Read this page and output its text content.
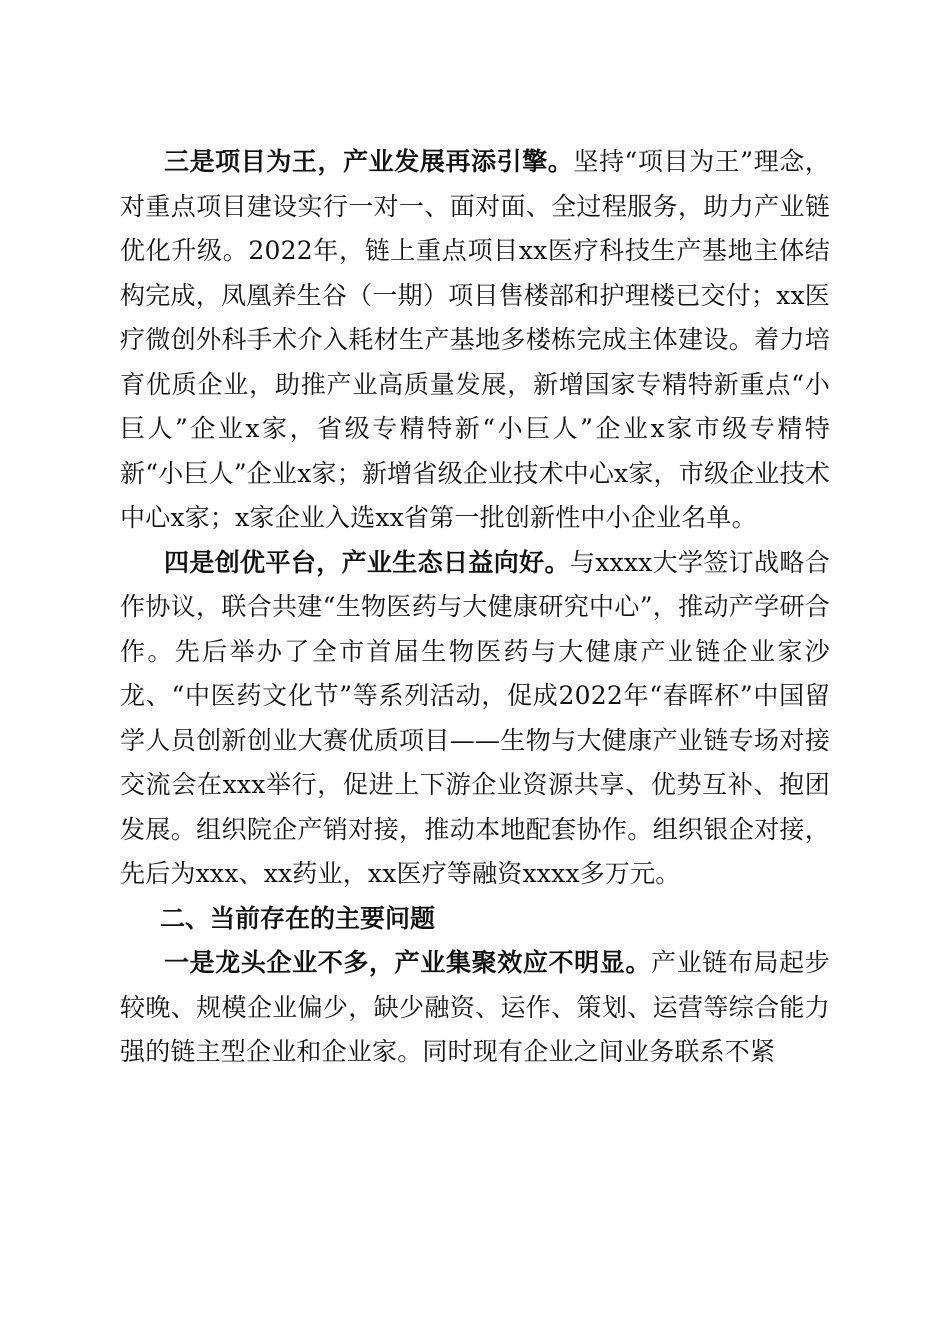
三是项目为王，产业发展再添引擎。坚持“项目为王”理念，对重点项目建设实行一对一、面对面、全过程服务，助力产业链优化升级。2022年，链上重点项目xx医疗科技生产基地主体结构完成，凤凰养生谷（一期）项目售楼部和护理楼已交付；xx医疗微创外科手术介入耗材生产基地多楼栋完成主体建设。着力培育优质企业，助推产业高质量发展，新增国家专精特新重点“小巨人”企业x家，省级专精特新“小巨人”企业x家市级专精特新“小巨人”企业x家；新增省级企业技术中心x家，市级企业技术中心x家；x家企业入选xx省第一批创新性中小企业名单。

四是创优平台，产业生态日益向好。与xxxx大学签订战略合作协议，联合共建“生物医药与大健康研究中心”，推动产学研合作。先后举办了全市首届生物医药与大健康产业链企业家沙龙、“中医药文化节”等系列活动，促成2022年“春晖杯”中国留学人员创新创业大赛优质项目——生物与大健康产业链专场对接交流会在xxx举行，促进上下游企业资源共享、优势互补、抱团发展。组织院企产销对接，推动本地配套协作。组织银企对接，先后为xxx、xx药业，xx医疗等融资xxxx多万元。

二、当前存在的主要问题

一是龙头企业不多，产业集聚效应不明显。产业链布局起步较晚、规模企业偏少，缺少融资、运作、策划、运营等综合能力强的链主型企业和企业家。同时现有企业之间业务联系不紧
